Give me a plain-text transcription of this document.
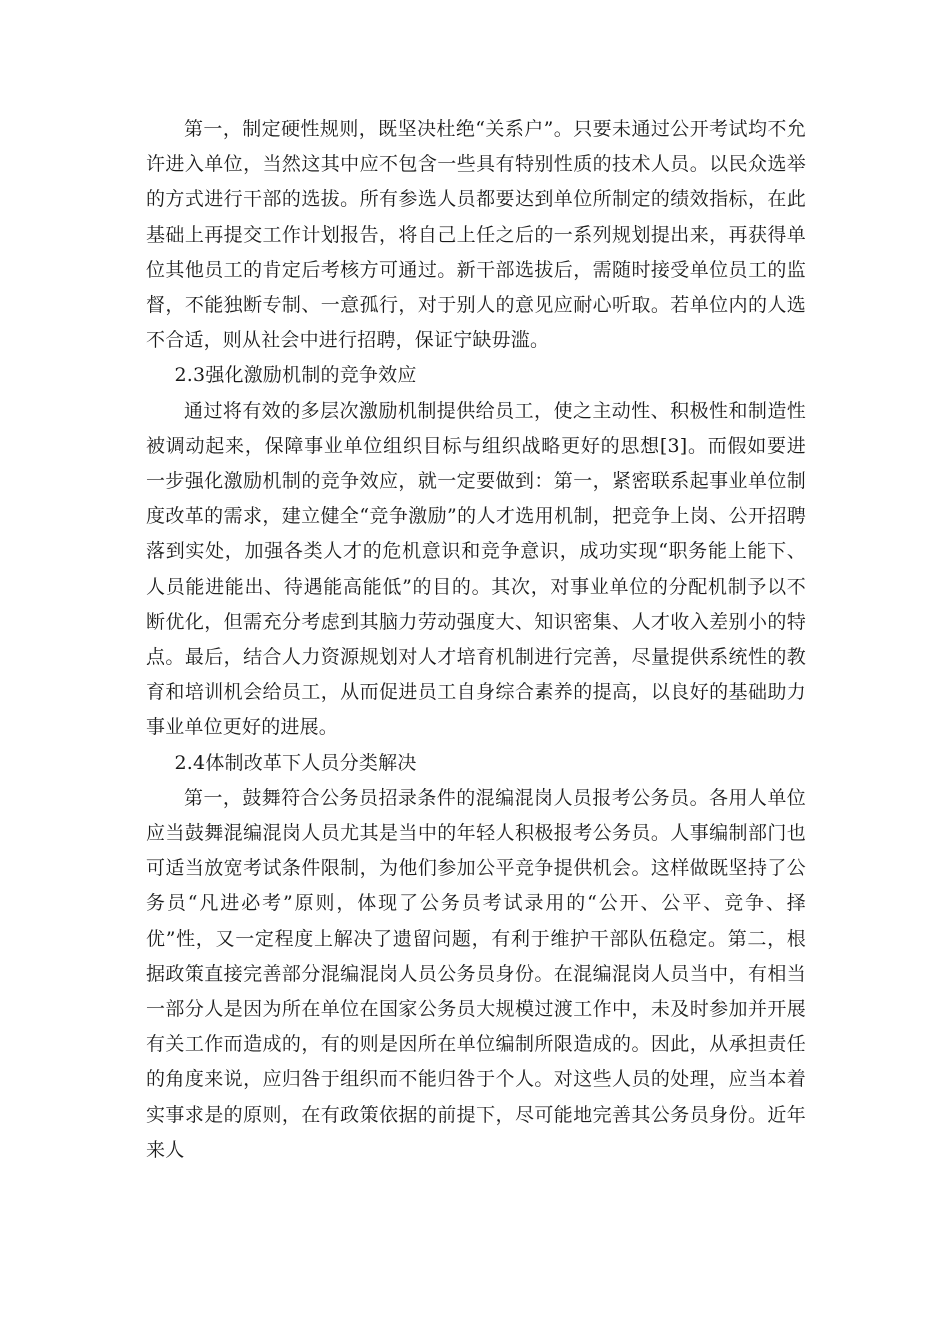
第一，制定硬性规则，既坚决杜绝“关系户”。只要未通过公开考试均不允许进入单位，当然这其中应不包含一些具有特别性质的技术人员。以民众选举的方式进行干部的选拔。所有参选人员都要达到单位所制定的绩效指标，在此基础上再提交工作计划报告，将自己上任之后的一系列规划提出来，再获得单位其他员工的肯定后考核方可通过。新干部选拔后，需随时接受单位员工的监督，不能独断专制、一意孤行，对于别人的意见应耐心听取。若单位内的人选不合适，则从社会中进行招聘，保证宁缺毋滥。

2.3强化激励机制的竞争效应

通过将有效的多层次激励机制提供给员工，使之主动性、积极性和制造性被调动起来，保障事业单位组织目标与组织战略更好的思想[3]。而假如要进一步强化激励机制的竞争效应，就一定要做到：第一，紧密联系起事业单位制度改革的需求，建立健全“竞争激励”的人才选用机制，把竞争上岗、公开招聘落到实处，加强各类人才的危机意识和竞争意识，成功实现“职务能上能下、人员能进能出、待遇能高能低”的目的。其次，对事业单位的分配机制予以不断优化，但需充分考虑到其脑力劳动强度大、知识密集、人才收入差别小的特点。最后，结合人力资源规划对人才培育机制进行完善，尽量提供系统性的教育和培训机会给员工，从而促进员工自身综合素养的提高，以良好的基础助力事业单位更好的进展。

2.4体制改革下人员分类解决

第一，鼓舞符合公务员招录条件的混编混岗人员报考公务员。各用人单位应当鼓舞混编混岗人员尤其是当中的年轻人积极报考公务员。人事编制部门也可适当放宽考试条件限制，为他们参加公平竞争提供机会。这样做既坚持了公务员“凡进必考”原则，体现了公务员考试录用的“公开、公平、竞争、择优”性，又一定程度上解决了遗留问题，有利于维护干部队伍稳定。第二，根据政策直接完善部分混编混岗人员公务员身份。在混编混岗人员当中，有相当一部分人是因为所在单位在国家公务员大规模过渡工作中，未及时参加并开展有关工作而造成的，有的则是因所在单位编制所限造成的。因此，从承担责任的角度来说，应归咎于组织而不能归咎于个人。对这些人员的处理，应当本着实事求是的原则，在有政策依据的前提下，尽可能地完善其公务员身份。近年来人
